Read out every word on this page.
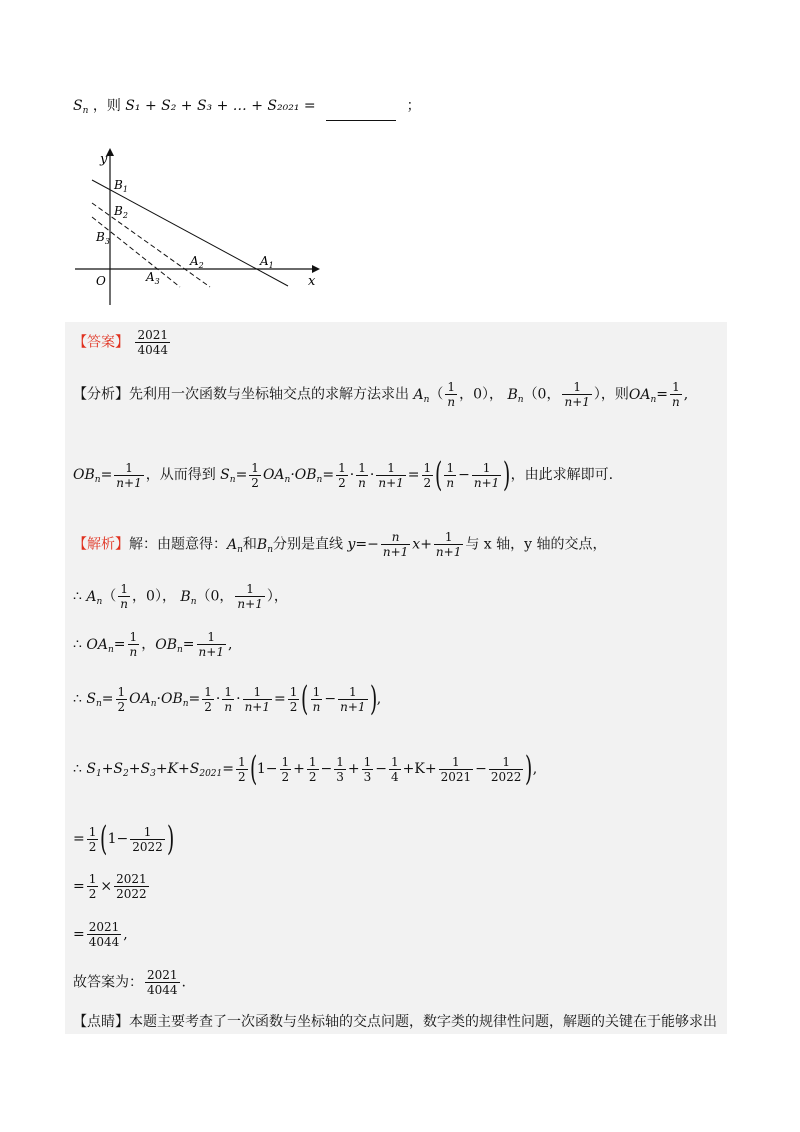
$S_n$ ，则 S₁ + S₂ + S₃ + … + S₂₀₂₁ =	；
y
x
O
$B_1$
$B_2$
$B_3$
$A_1$
$A_2$
$A_3$
【答案】 $\frac{2021}{4044}$
【分析】先利用一次函数与坐标轴交点的求解方法求出 $A_n( \frac{1}{n}$ ，0）， $B_n(0$， $\frac{1}{n+1}$ ），则$OA_n= \frac{1}{n}$ ,
$OB_n= \frac{1}{n+1}$ ，从而得到 $S_n= \frac{1}{2} OA_n\cdot OB_n= \frac{1}{2} \cdot \frac{1}{n} \cdot \frac{1}{n+1} = \frac{1}{2}$ ( $\frac{1}{n} - \frac{1}{n+1}$ )，由此求解即可.
【解析】解：由题意得：$A_n$和$B_n$分别是直线 $y=- \frac{n}{n+1} x+ \frac{1}{n+1}$ 与 x 轴，y 轴的交点，
∴ $A_n( \frac{1}{n}$ ，0）， $B_n(0$， $\frac{1}{n+1}$ ），
∴ $OA_n= \frac{1}{n}$ ，$OB_n= \frac{1}{n+1}$ ,
∴ $S_n= \frac{1}{2} OA_n\cdot OB_n= \frac{1}{2} \cdot \frac{1}{n} \cdot \frac{1}{n+1} = \frac{1}{2}$ ( $\frac{1}{n} - \frac{1}{n+1}$ ),
∴ $S_1+S_2+S_3+K+S_{2021}= \frac{1}{2} (1- \frac{1}{2} + \frac{1}{2} - \frac{1}{3} + \frac{1}{3} - \frac{1}{4} +K+ \frac{1}{2021} - \frac{1}{2022}$ ),
= $\frac{1}{2} (1- \frac{1}{2022}$ )
= $\frac{1}{2} \times \frac{2021}{2022}$
= $\frac{2021}{4044}$ ,
故答案为： $\frac{2021}{4044}$ .
【点睛】本题主要考查了一次函数与坐标轴的交点问题，数字类的规律性问题，解题的关键在于能够求出
